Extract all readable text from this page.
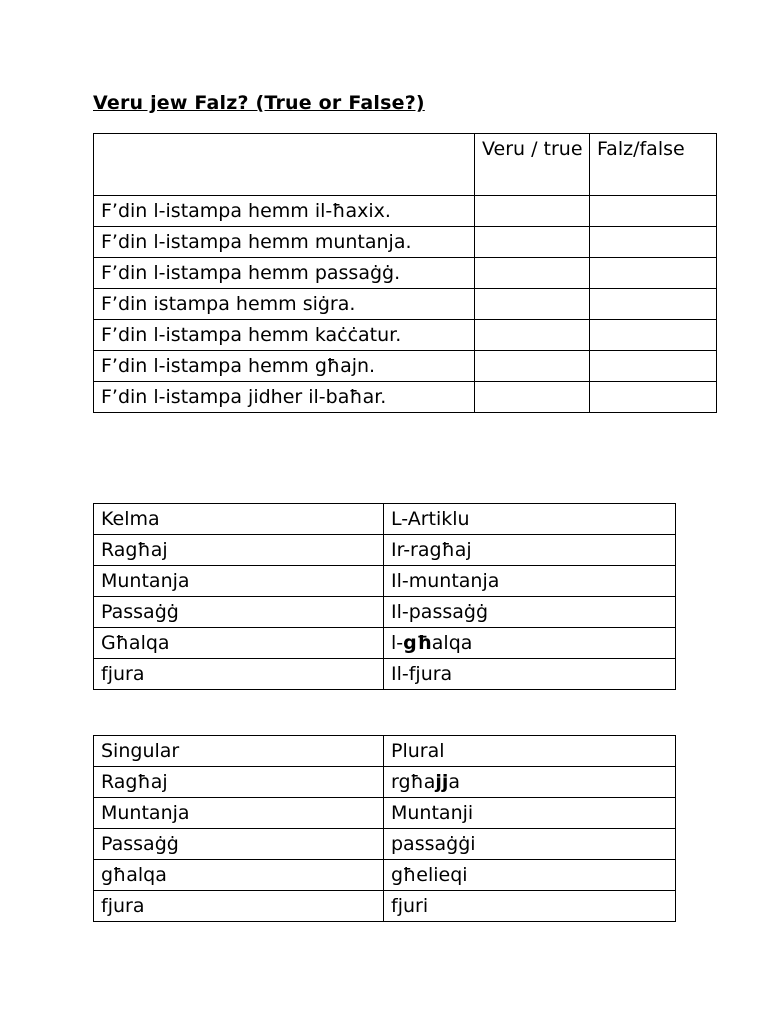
Veru jew Falz? (True or False?)
	Veru / true	Falz/false
F’din l-istampa hemm il-ħaxix.		
F’din l-istampa hemm muntanja.		
F’din l-istampa hemm passaġġ.		
F’din istampa hemm siġra.		
F’din l-istampa hemm kaċċatur.		
F’din l-istampa hemm għajn.		
F’din l-istampa jidher il-baħar.		
Kelma	L-Artiklu
Ragħaj	Ir-ragħaj
Muntanja	Il-muntanja
Passaġġ	Il-passaġġ
Għalqa	l-għalqa
fjura	Il-fjura
Singular	Plural
Ragħaj	rgħajja
Muntanja	Muntanji
Passaġġ	passaġġi
għalqa	għelieqi
fjura	fjuri
